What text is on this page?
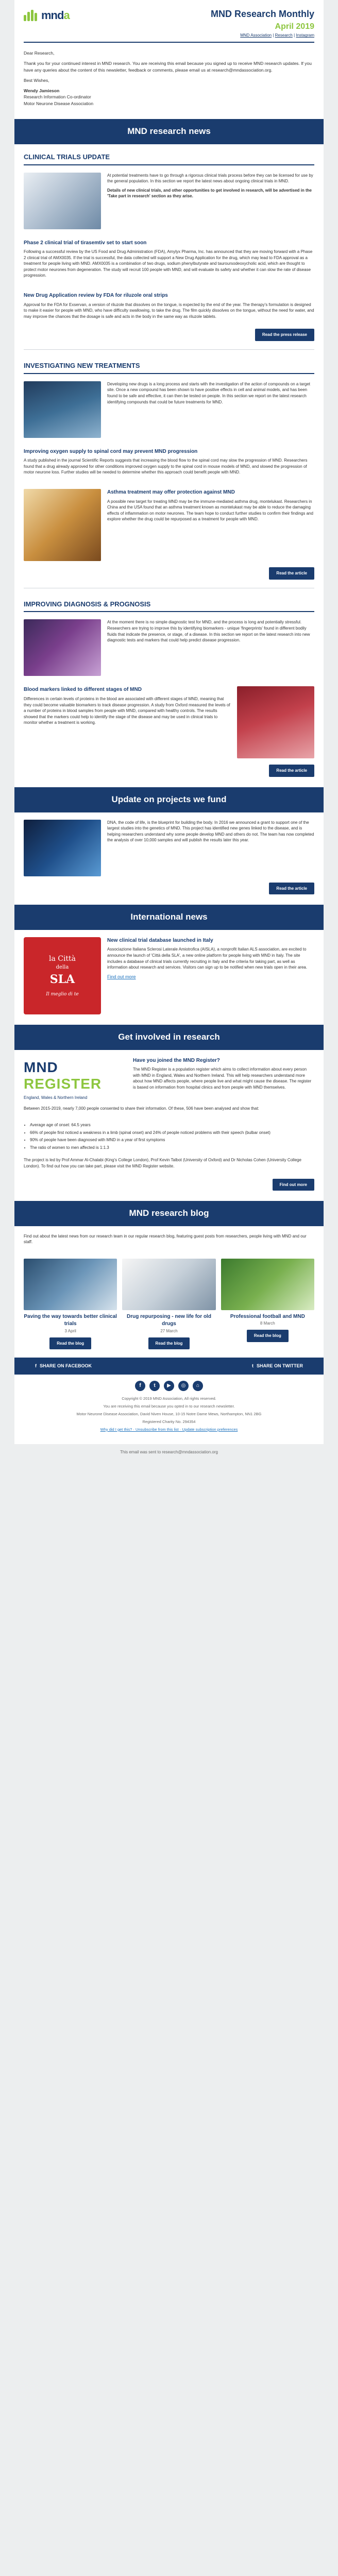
mnda	MND Research Monthly
April 2019
MND Association | Research | Instagram

Dear Research,

Thank you for your continued interest in MND research. You are receiving this email because you signed up to receive MND research updates. If you have any queries about the content of this newsletter, feedback or comments, please email us at research@mndassociation.org.

Best Wishes,

Wendy Jamieson

Research Information Co-ordinator

Motor Neurone Disease Association

MND research news
CLINICAL TRIALS UPDATE

At potential treatments have to go through a rigorous clinical trials process before they can be licensed for use by the general population. In this section we report the latest news about ongoing clinical trials in MND.

Details of new clinical trials, and other opportunities to get involved in research, will be advertised in the 'Take part in research' section as they arise.

Phase 2 clinical trial of tirasemtiv set to start soon

Following a successful review by the US Food and Drug Administration (FDA), Amylyx Pharma, Inc. has announced that they are moving forward with a Phase 2 clinical trial of AMX0035. If the trial is successful, the data collected will support a New Drug Application for the drug, which may lead to FDA approval as a treatment for people living with MND. AMX0035 is a combination of two drugs, sodium phenylbutyrate and tauroursodeoxycholic acid, which are thought to protect motor neurones from degeneration. The study will recruit 100 people with MND, and will evaluate its safety and whether it can slow the rate of disease progression.

New Drug Application review by FDA for riluzole oral strips

Approval for the FDA for Exservan, a version of riluzole that dissolves on the tongue, is expected by the end of the year. The therapy's formulation is designed to make it easier for people with MND, who have difficulty swallowing, to take the drug. The film quickly dissolves on the tongue, without the need for water, and may improve the chances that the dosage is safe and acts in the body in the same way as riluzole tablets.

Read the press release
INVESTIGATING NEW TREATMENTS

Developing new drugs is a long process and starts with the investigation of the action of compounds on a target site. Once a new compound has been shown to have positive effects in cell and animal models, and has been found to be safe and effective, it can then be tested on people. In this section we report on the latest research identifying compounds that could be future treatments for MND.

Improving oxygen supply to spinal cord may prevent MND progression

A study published in the journal Scientific Reports suggests that increasing the blood flow to the spinal cord may slow the progression of MND. Researchers found that a drug already approved for other conditions improved oxygen supply to the spinal cord in mouse models of MND, and slowed the progression of motor neurone loss. Further studies will be needed to determine whether this approach could benefit people with MND.

Asthma treatment may offer protection against MND

A possible new target for treating MND may be the immune-mediated asthma drug, montelukast. Researchers in China and the USA found that an asthma treatment known as montelukast may be able to reduce the damaging effects of inflammation on motor neurones. The team hope to conduct further studies to confirm their findings and explore whether the drug could be repurposed as a treatment for people with MND.

Read the article
IMPROVING DIAGNOSIS & PROGNOSIS

At the moment there is no simple diagnostic test for MND, and the process is long and potentially stressful. Researchers are trying to improve this by identifying biomarkers - unique 'fingerprints' found in different bodily fluids that indicate the presence, or stage, of a disease. In this section we report on the latest research into new diagnostic tests and markers that could help predict disease progression.

Blood markers linked to different stages of MND

Differences in certain levels of proteins in the blood are associated with different stages of MND, meaning that they could become valuable biomarkers to track disease progression. A study from Oxford measured the levels of a number of proteins in blood samples from people with MND, compared with healthy controls. The results showed that the markers could help to identify the stage of the disease and may be used in clinical trials to monitor whether a treatment is working.

Read the article
Update on projects we fund

DNA, the code of life, is the blueprint for building the body. In 2016 we announced a grant to support one of the largest studies into the genetics of MND. This project has identified new genes linked to the disease, and is helping researchers understand why some people develop MND and others do not. The team has now completed the analysis of over 10,000 samples and will publish the results later this year.

Read the article
International news
la Città
della
SLA
Il meglio di te
New clinical trial database launched in Italy

Associazione Italiana Sclerosi Laterale Amiotrofica (AISLA), a nonprofit Italian ALS association, are excited to announce the launch of 'Città della SLA', a new online platform for people living with MND in Italy. The site includes a database of clinical trials currently recruiting in Italy and the criteria for taking part, as well as information about research and services. Visitors can sign up to be notified when new trials open in their area.

Find out more
Get involved in research
MND
REGISTER
England, Wales & Northern Ireland
Have you joined the MND Register?

The MND Register is a population register which aims to collect information about every person with MND in England, Wales and Northern Ireland. This will help researchers understand more about how MND affects people, where people live and what might cause the disease. The register is based on information from hospital clinics and from people with MND themselves.

Between 2015-2019, nearly 7,000 people consented to share their information. Of these, 506 have been analysed and show that:

• Average age of onset: 64.5 years
• 66% of people first noticed a weakness in a limb (spinal onset) and 24% of people noticed problems with their speech (bulbar onset)
• 90% of people have been diagnosed with MND in a year of first symptoms
• The ratio of women to men affected is 1:1.3

The project is led by Prof Ammar Al-Chalabi (King's College London), Prof Kevin Talbot (University of Oxford) and Dr Nicholas Cohen (University College London). To find out how you can take part, please visit the MND Register website.

Find out more
MND research blog

Find out about the latest news from our research team in our regular research blog, featuring guest posts from researchers, people living with MND and our staff.

Paving the way towards better clinical trials
3 April
Read the blog
Drug repurposing - new life for old drugs
27 March
Read the blog
Professional football and MND
8 March
Read the blog
f SHARE ON FACEBOOK	t SHARE ON TWITTER
f	t	▶	◎	⌂

Copyright © 2019 MND Association, All rights reserved.

You are receiving this email because you opted in to our research newsletter.

Motor Neurone Disease Association, David Niven House, 10-15 Notre Dame Mews, Northampton, NN1 2BG

Registered Charity No. 294354

Why did I get this? · Unsubscribe from this list · Update subscription preferences

This email was sent to research@mndassociation.org
